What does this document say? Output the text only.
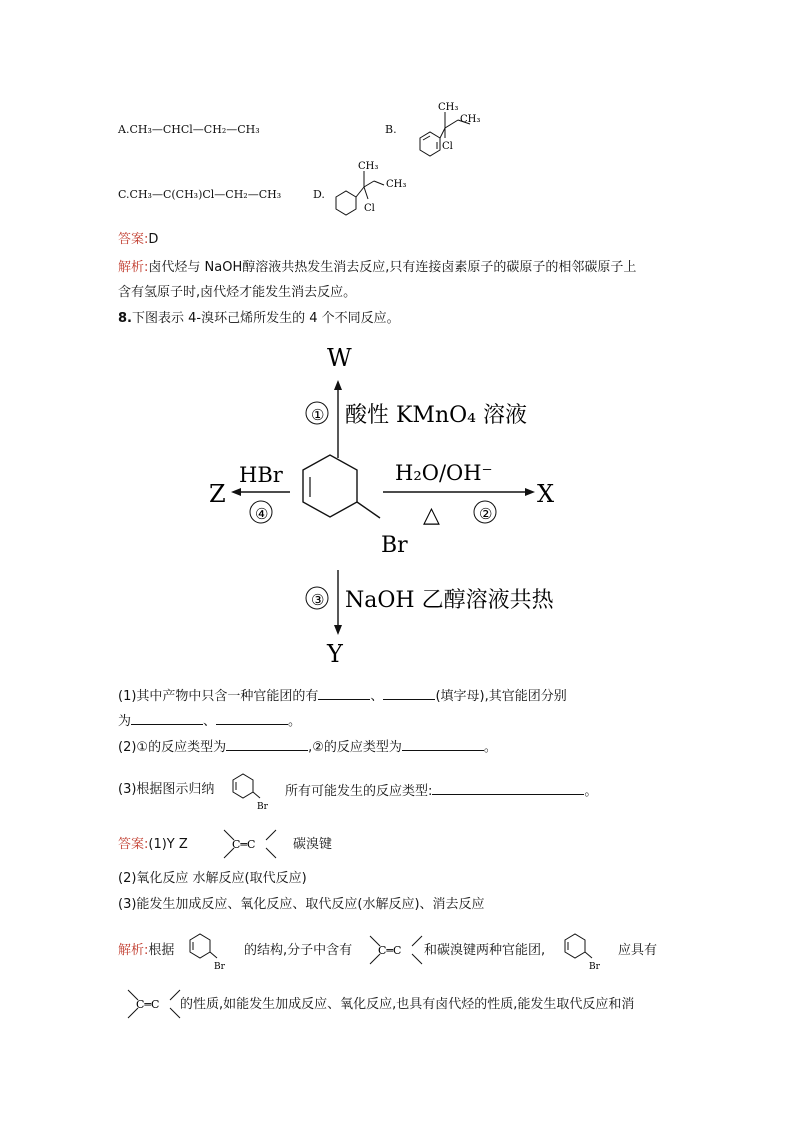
A.CH₃—CHCl—CH₂—CH₃	B.
CH₃
CH₃
Cl
C.CH₃—C(CH₃)Cl—CH₂—CH₃	D.
CH₃
CH₃
Cl
答案:D
解析:卤代烃与 NaOH醇溶液共热发生消去反应,只有连接卤素原子的碳原子的相邻碳原子上
含有氢原子时,卤代烃才能发生消去反应。
8.下图表示 4-溴环己烯所发生的 4 个不同反应。
W
① 酸性 KMnO₄ 溶液
Br
Z
HBr
④
X
H₂O/OH⁻
△	②
③ NaOH 乙醇溶液共热
Y
(1)其中产物中只含一种官能团的有	、	(填字母),其官能团分别
为	、	。
(2)①的反应类型为	,②的反应类型为	。
(3)根据图示归纳
Br
所有可能发生的反应类型:	。
答案:(1)Y Z	C═C	碳溴键
(2)氧化反应 水解反应(取代反应)
(3)能发生加成反应、氧化反应、取代反应(水解反应)、消去反应
解析:根据
Br
的结构,分子中含有 C═C 和碳溴键两种官能团,
Br
应具有
C═C 的性质,如能发生加成反应、氧化反应,也具有卤代烃的性质,能发生取代反应和消
